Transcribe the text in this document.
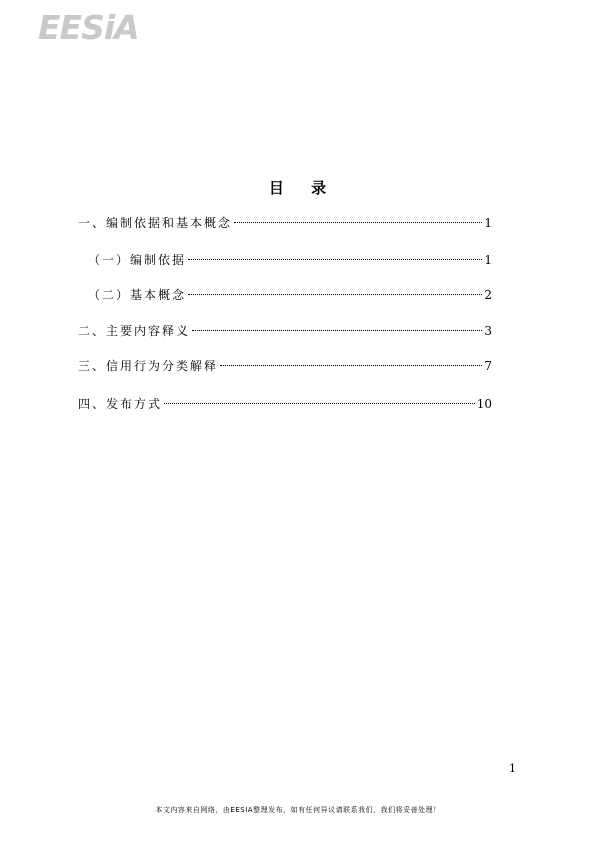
EESiA
目 录
一、编制依据和基本概念	1
（一）编制依据	1
（二）基本概念	2
二、主要内容释义	3
三、信用行为分类解释	7
四、发布方式	10
1
本文内容来自网络，由EESIA整理发布，如有任何异议请联系我们，我们将妥善处理！
